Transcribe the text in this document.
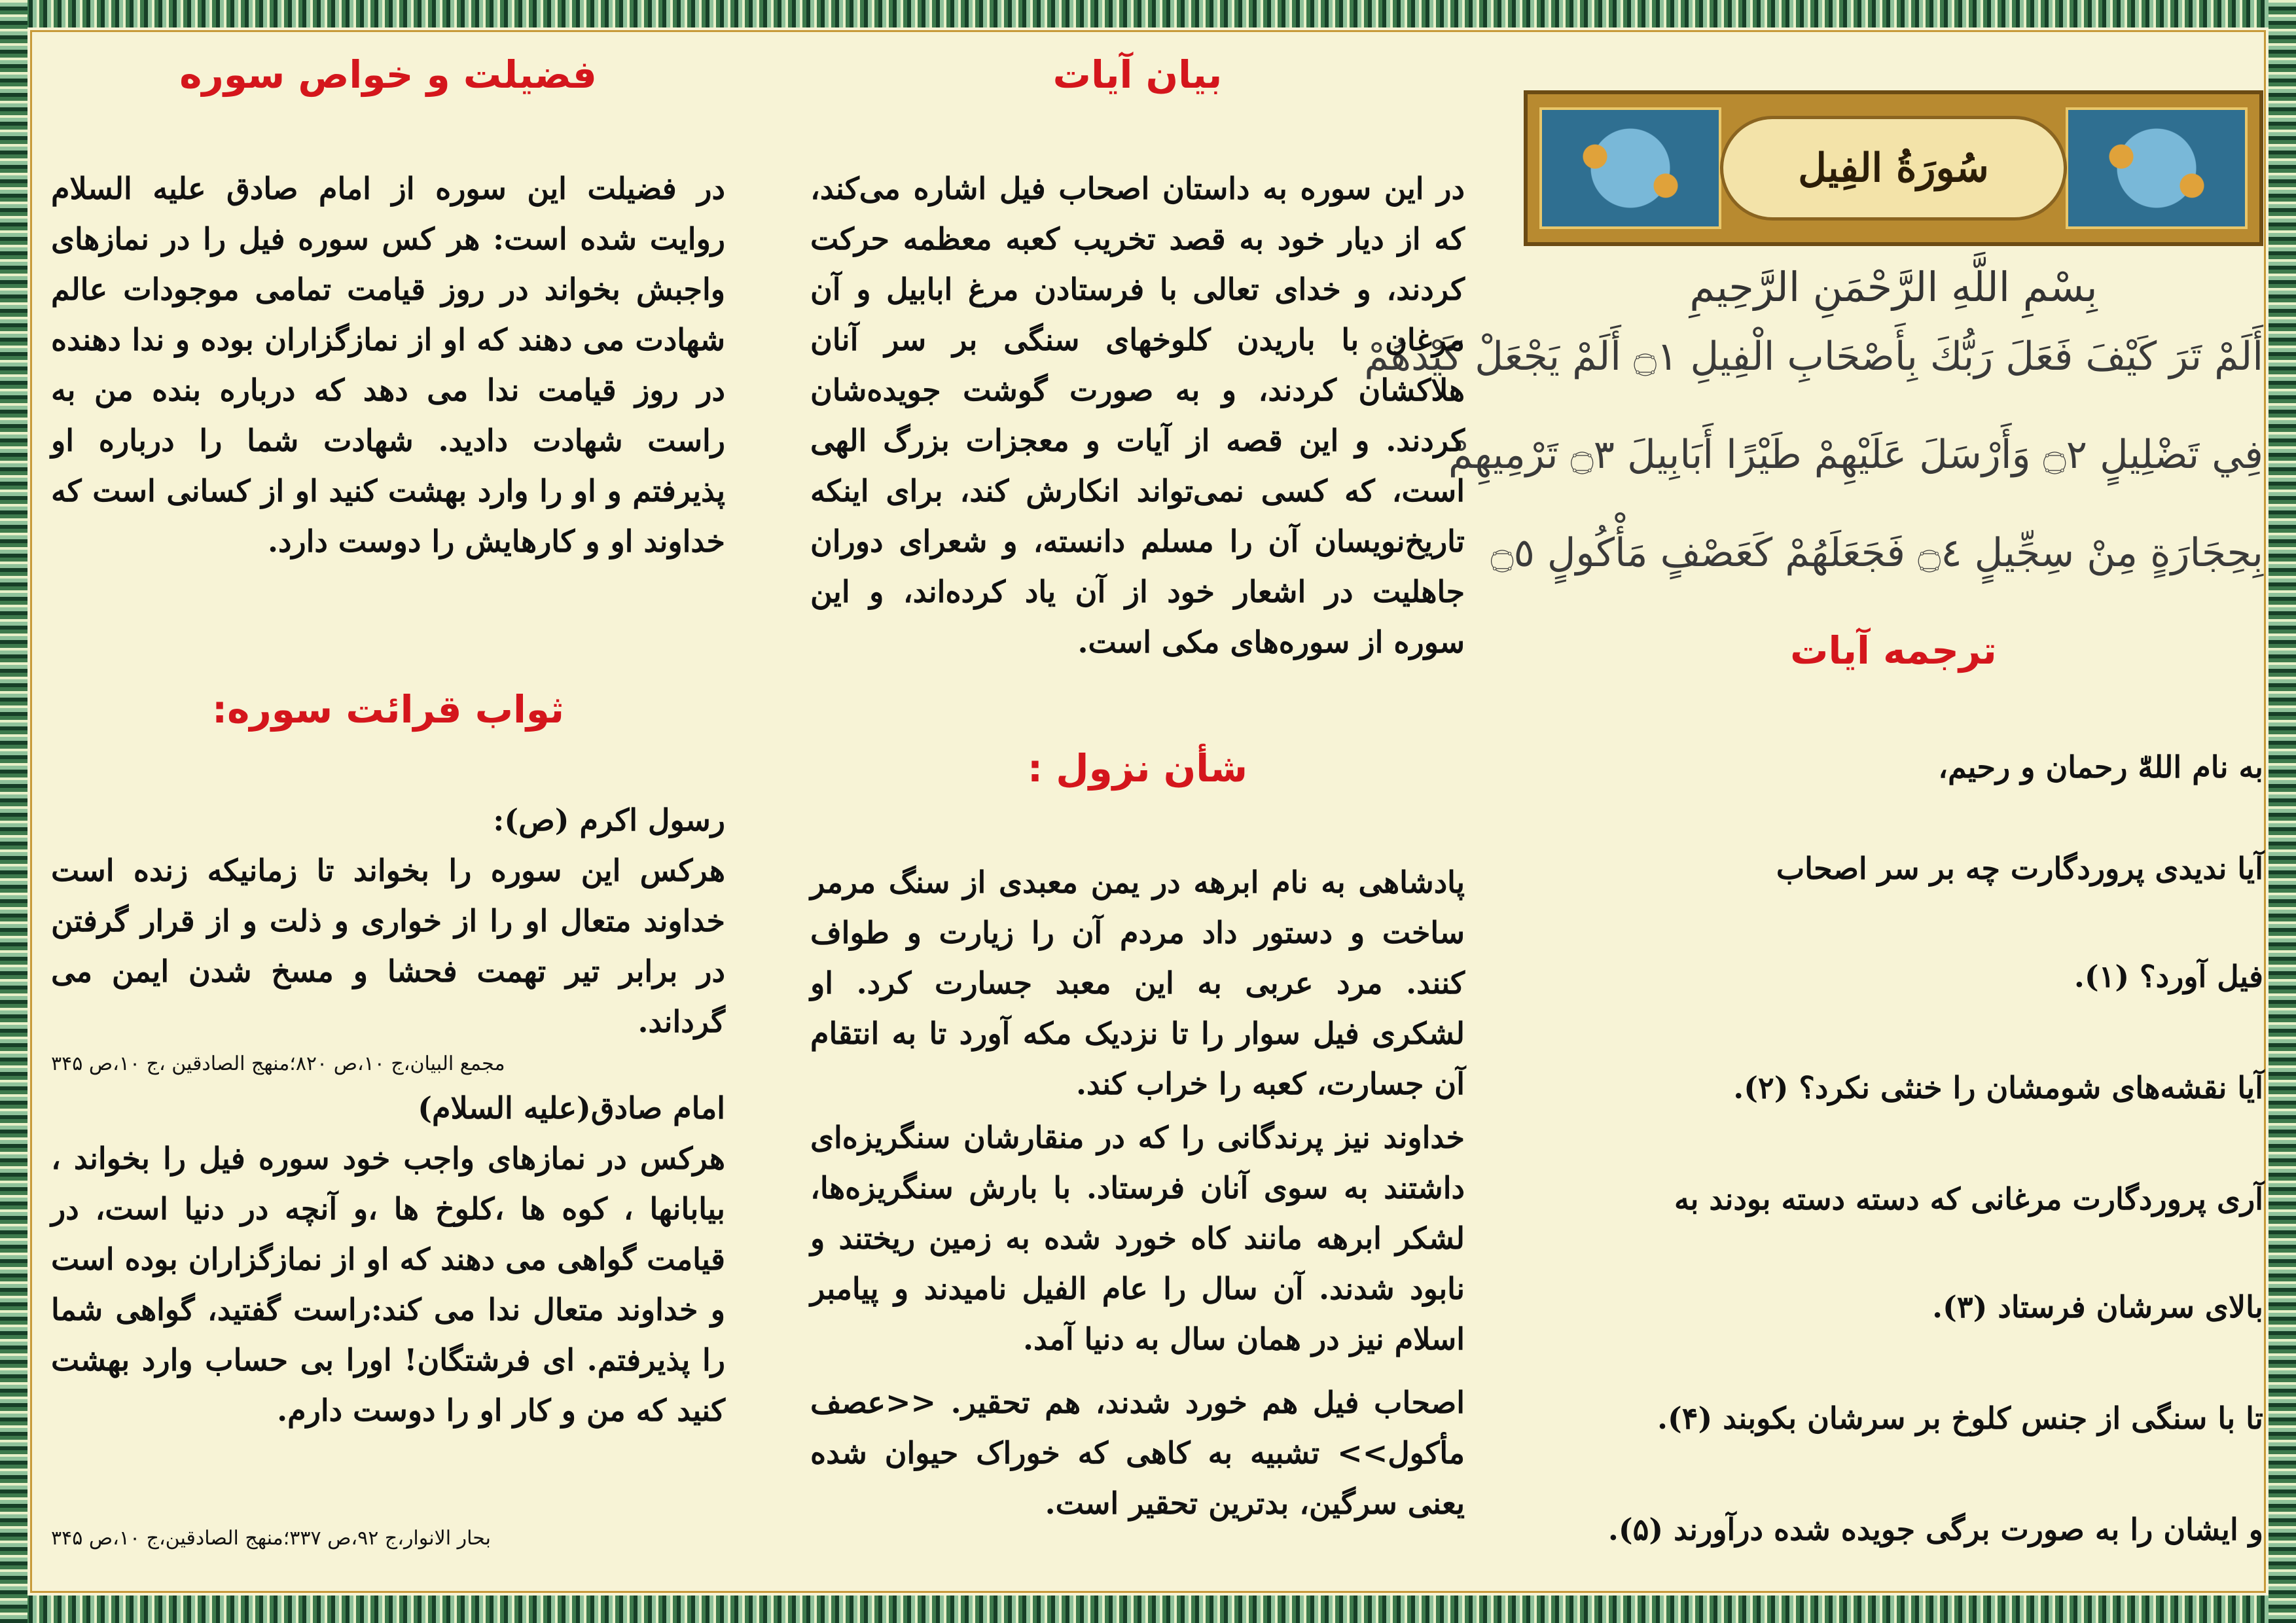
سُورَةُ الفِيل
بِسْمِ اللَّهِ الرَّحْمَنِ الرَّحِيمِ
أَلَمْ تَرَ كَيْفَ فَعَلَ رَبُّكَ بِأَصْحَابِ الْفِيلِ ۝١ أَلَمْ يَجْعَلْ كَيْدَهُمْ
فِي تَضْلِيلٍ ۝٢ وَأَرْسَلَ عَلَيْهِمْ طَيْرًا أَبَابِيلَ ۝٣ تَرْمِيهِمْ
بِحِجَارَةٍ مِنْ سِجِّيلٍ ۝٤ فَجَعَلَهُمْ كَعَصْفٍ مَأْكُولٍ ۝٥
ترجمه آیات

به نام اللهّٰ رحمان و رحیم،

آیا ندیدی پروردگارت چه بر سر اصحاب

فیل آورد؟ (۱).

آیا نقشه‌های شومشان را خنثی نکرد؟ (۲).

آری پروردگارت مرغانی که دسته دسته بودند به

بالای سرشان فرستاد (۳).

تا با سنگی از جنس کلوخ بر سرشان بکوبند (۴).

و ایشان را به صورت برگی جویده شده درآورند (۵).

بیان آیات

در این سوره به داستان اصحاب فیل اشاره می‌کند، که از دیار خود به قصد تخریب کعبه معظمه حرکت کردند، و خدای تعالی با فرستادن مرغ ابابیل و آن مرغان با باریدن کلوخهای سنگی بر سر آنان هلاکشان کردند، و به صورت گوشت جویده‌شان کردند. و این قصه از آیات و معجزات بزرگ الهی است، که کسی نمی‌تواند انکارش کند، برای اینکه تاریخ‌نویسان آن را مسلم دانسته، و شعرای دوران جاهلیت در اشعار خود از آن یاد کرده‌اند، و این سوره از سوره‌های مکی است.

شأن نزول :

پادشاهی به نام ابرهه در یمن معبدی از سنگ مرمر ساخت و دستور داد مردم آن را زیارت و طواف کنند. مرد عربی به این معبد جسارت کرد. او لشکری فیل سوار را تا نزدیک مکه آورد تا به انتقام آن جسارت، کعبه را خراب کند.

خداوند نیز پرندگانی را که در منقارشان سنگریزه‌ای داشتند به سوی آنان فرستاد. با بارش سنگریزه‌ها، لشکر ابرهه مانند کاه خورد شده به زمین ریختند و نابود شدند. آن سال را عام الفیل نامیدند و پیامبر اسلام نیز در همان سال به دنیا آمد.

اصحاب فیل هم خورد شدند، هم تحقیر. <<عصف مأکول>> تشبیه به کاهی که خوراک حیوان شده یعنی سرگین، بدترین تحقیر است.

فضیلت و خواص سوره

در فضیلت این سوره از امام صادق علیه السلام روایت شده است: هر کس سوره فیل را در نمازهای واجبش بخواند در روز قیامت تمامی موجودات عالم شهادت می دهند که او از نمازگزاران بوده و ندا دهنده در روز قیامت ندا می دهد که درباره بنده من به راست شهادت دادید. شهادت شما را درباره او پذیرفتم و او را وارد بهشت کنید او از کسانی است که خداوند او و کارهایش را دوست دارد.

ثواب قرائت سوره:

رسول اکرم (ص):

هرکس این سوره را بخواند تا زمانیکه زنده است خداوند متعال او را از خواری و ذلت و از قرار گرفتن در برابر تیر تهمت فحشا و مسخ شدن ایمن می گرداند.

مجمع البیان،ج ۱۰،ص ۸۲۰؛منهج الصادقین ،ج ۱۰،ص ۳۴۵

امام صادق(علیه السلام)

هرکس در نمازهای واجب خود سوره فیل را بخواند ، بیابانها ، کوه ها ،کلوخ ها ،و آنچه در دنیا است، در قیامت گواهی می دهند که او از نمازگزاران بوده است و خداوند متعال ندا می کند:راست گفتید، گواهی شما را پذیرفتم. ای فرشتگان! اورا بی حساب وارد بهشت کنید که من و کار او را دوست دارم.

بحار الانوار،ج ۹۲،ص ۳۳۷؛منهج الصادقین،ج ۱۰،ص ۳۴۵
